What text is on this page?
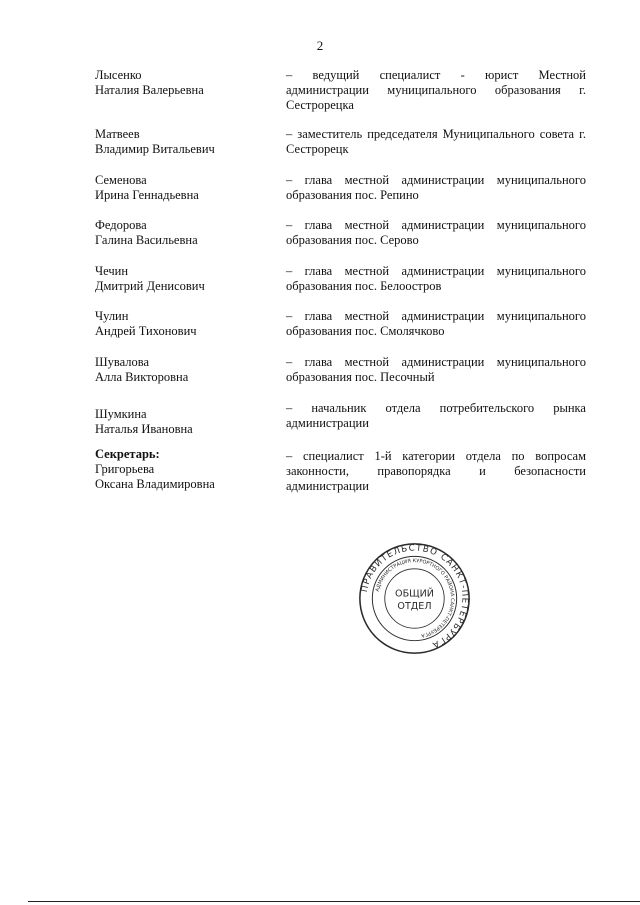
2
Лысенко
Наталия Валерьевна
– ведущий специалист - юрист Местной администрации муниципального образования г. Сестрорецка
Матвеев
Владимир Витальевич
– заместитель председателя Муниципального совета г. Сестрорецк
Семенова
Ирина Геннадьевна
– глава местной администрации муниципального образования пос. Репино
Федорова
Галина Васильевна
– глава местной администрации муниципального образования пос. Серово
Чечин
Дмитрий Денисович
– глава местной администрации муниципального образования пос. Белоостров
Чулин
Андрей Тихонович
– глава местной администрации муниципального образования пос. Смолячково
Шувалова
Алла Викторовна
– глава местной администрации муниципального образования пос. Песочный
Шумкина
Наталья Ивановна
– начальник отдела потребительского рынка администрации
Секретарь:
Григорьева
Оксана Владимировна
– специалист 1-й категории отдела по вопросам законности, правопорядка и безопасности администрации
ПРАВИТЕЛЬСТВО САНКТ-ПЕТЕРБУРГА
АДМИНИСТРАЦИЯ КУРОРТНОГО РАЙОНА САНКТ-ПЕТЕРБУРГА
ОБЩИЙ
ОТДЕЛ
